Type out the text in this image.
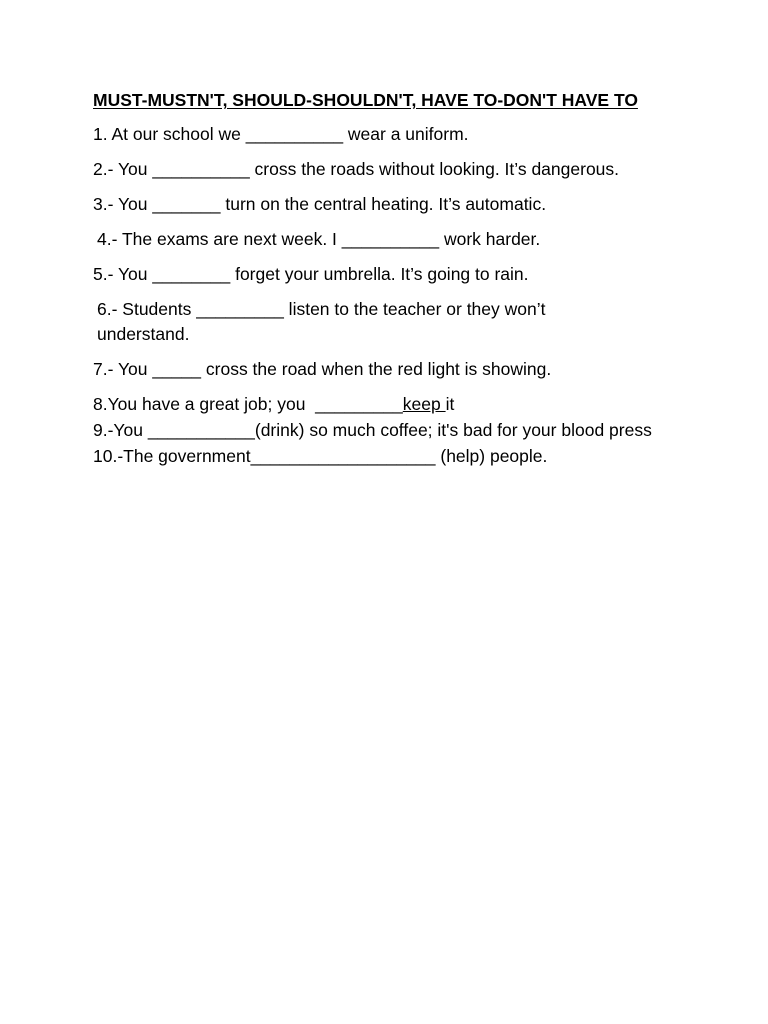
MUST-MUSTN'T, SHOULD-SHOULDN'T, HAVE TO-DON'T HAVE TO
1. At our school we __________ wear a uniform.
2.- You __________ cross the roads without looking. It’s dangerous.
3.- You _______ turn on the central heating. It’s automatic.
4.- The exams are next week. I __________ work harder.
5.- You ________ forget your umbrella. It’s going to rain.
6.- Students _________ listen to the teacher or they won’t understand.
7.- You _____ cross the road when the red light is showing.
8.You have a great job; you  _________keep it
9.-You ___________(drink) so much coffee; it's bad for your blood press
10.-The government___________________ (help) people.
